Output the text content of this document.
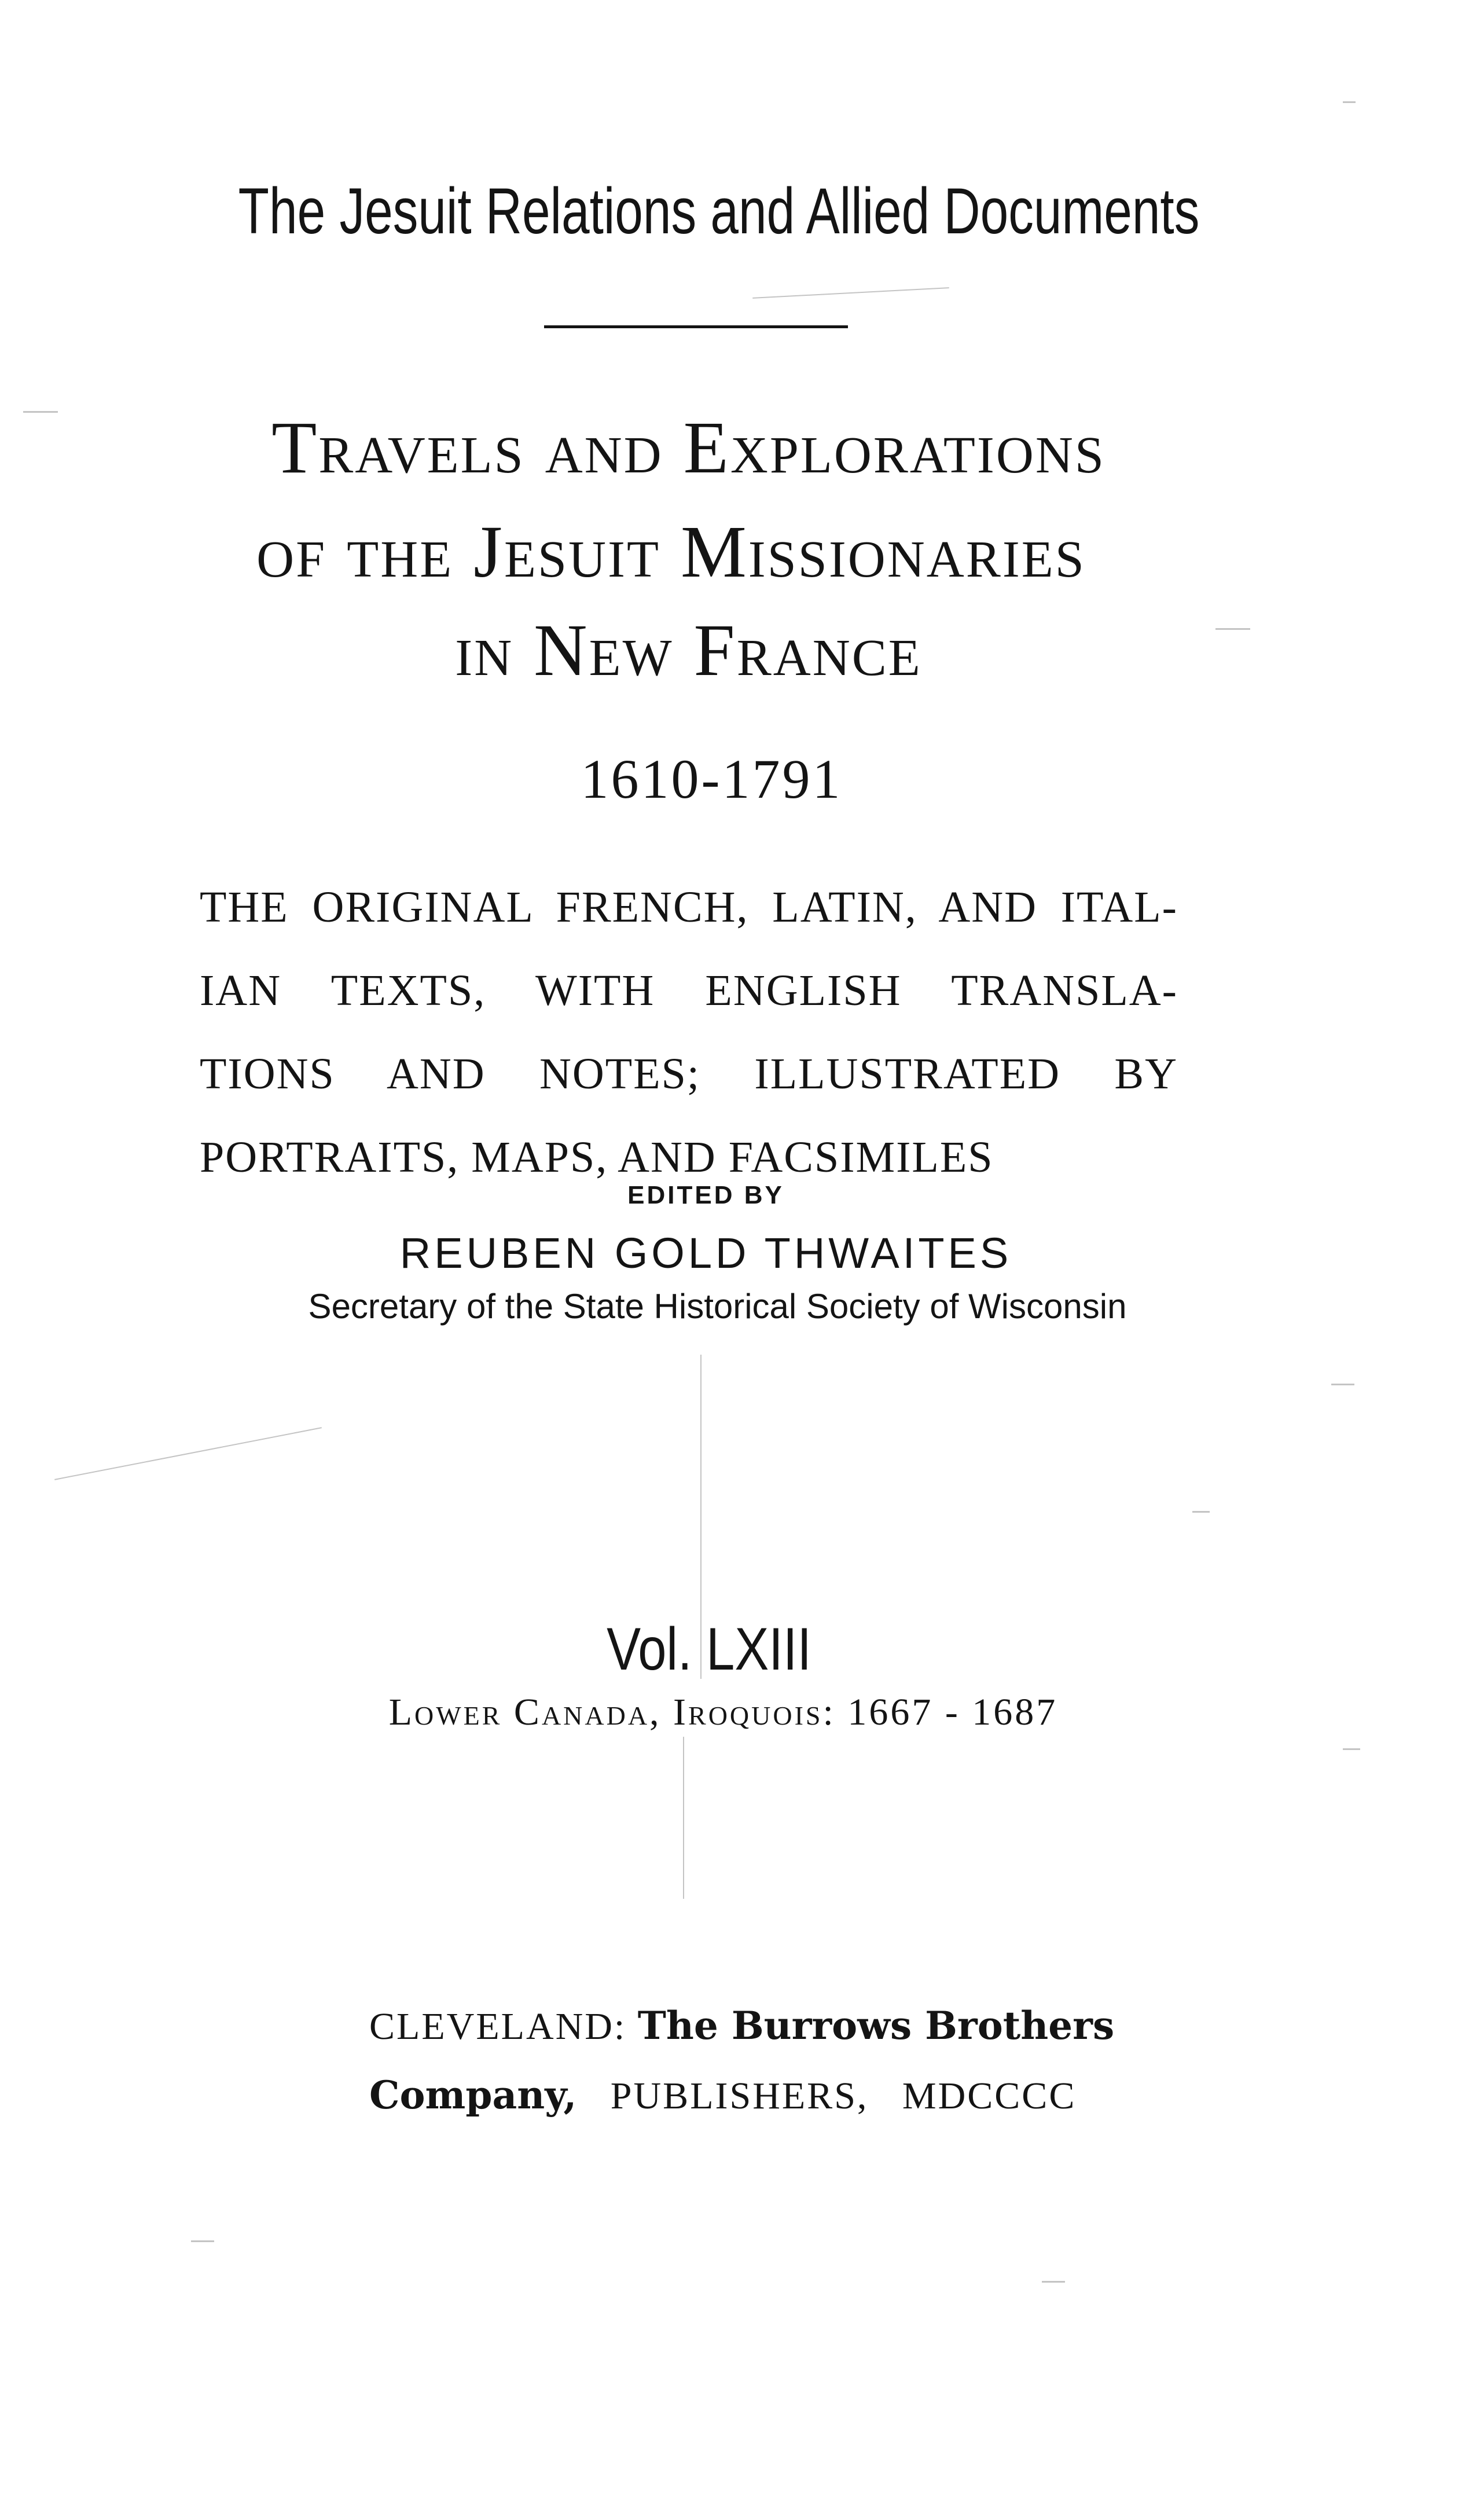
The Jesuit Relations and Allied Documents
Travels and Explorations
of the Jesuit Missionaries
in New France
1610-1791
THE ORIGINAL FRENCH, LATIN, AND ITAL-
IAN TEXTS, WITH ENGLISH TRANSLA-
TIONS AND NOTES; ILLUSTRATED BY
PORTRAITS, MAPS, AND FACSIMILES
EDITED BY
REUBEN GOLD THWAITES
Secretary of the State Historical Society of Wisconsin
Vol. LXIII
Lower Canada, Iroquois: 1667 - 1687
CLEVELAND: The Burrows Brothers
Company, PUBLISHERS, MDCCCC
